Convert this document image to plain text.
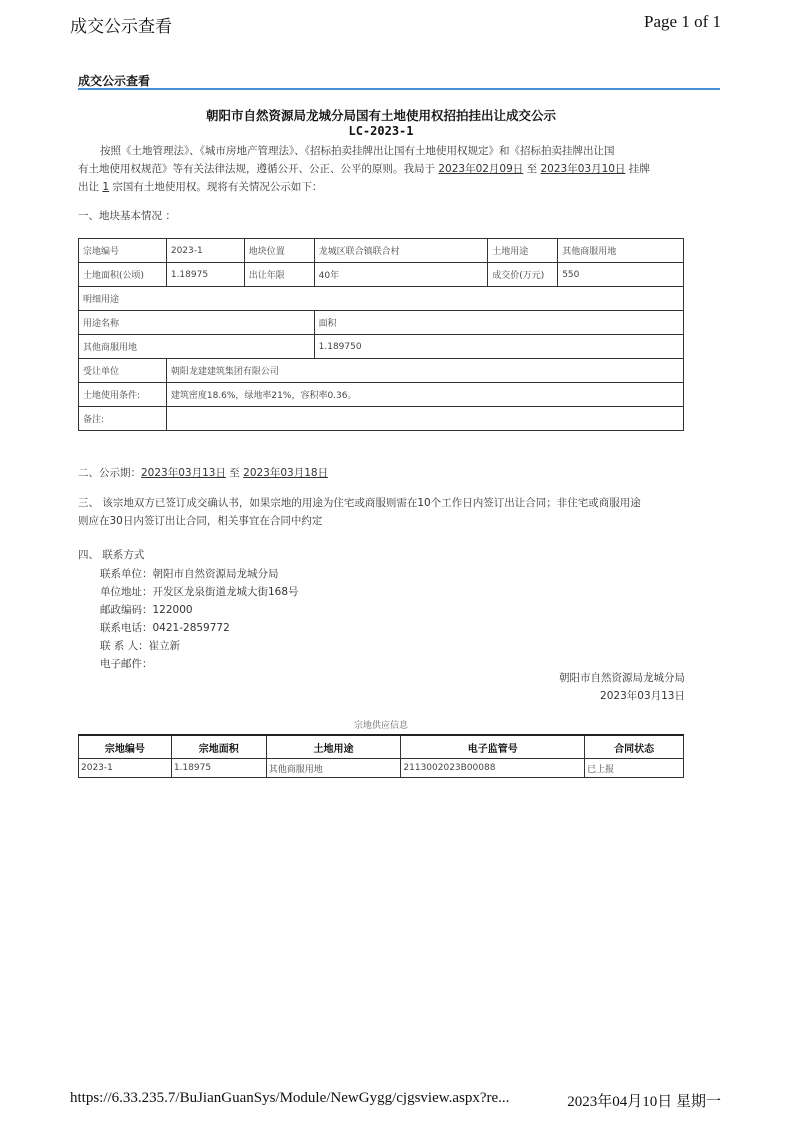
成交公示查看	Page 1 of 1
成交公示查看
朝阳市自然资源局龙城分局国有土地使用权招拍挂出让成交公示
LC-2023-1
按照《土地管理法》、《城市房地产管理法》、《招标拍卖挂牌出让国有土地使用权规定》和《招标拍卖挂牌出让国
有土地使用权规范》等有关法律法规，遵循公开、公正、公平的原则。我局于 2023年02月09日 至 2023年03月10日 挂牌
出让 1 宗国有土地使用权。现将有关情况公示如下：
一、地块基本情况 ：
宗地编号	2023-1	地块位置	龙城区联合镇联合村	土地用途	其他商服用地
土地面积(公顷)	1.18975	出让年限	40年	成交价(万元)	550
明细用途					
用途名称			面积		
其他商服用地			1.189750		
受让单位	朝阳龙建建筑集团有限公司				
土地使用条件:	建筑密度18.6%，绿地率21%，容积率0.36。				
备注:					
二、公示期：2023年03月13日 至 2023年03月18日
三、 该宗地双方已签订成交确认书，如果宗地的用途为住宅或商服则需在10个工作日内签订出让合同；非住宅或商服用途
则应在30日内签订出让合同，相关事宜在合同中约定
四、 联系方式
联系单位：朝阳市自然资源局龙城分局
单位地址：开发区龙泉街道龙城大街168号
邮政编码：122000
联系电话：0421-2859772
联 系 人：崔立新
电子邮件：
朝阳市自然资源局龙城分局
2023年03月13日
宗地供应信息
宗地编号	宗地面积	土地用途	电子监管号	合同状态
2023-1	1.18975	其他商服用地	2113002023B00088	已上报
https://6.33.235.7/BuJianGuanSys/Module/NewGygg/cjgsview.aspx?re...	2023年04月10日 星期一
